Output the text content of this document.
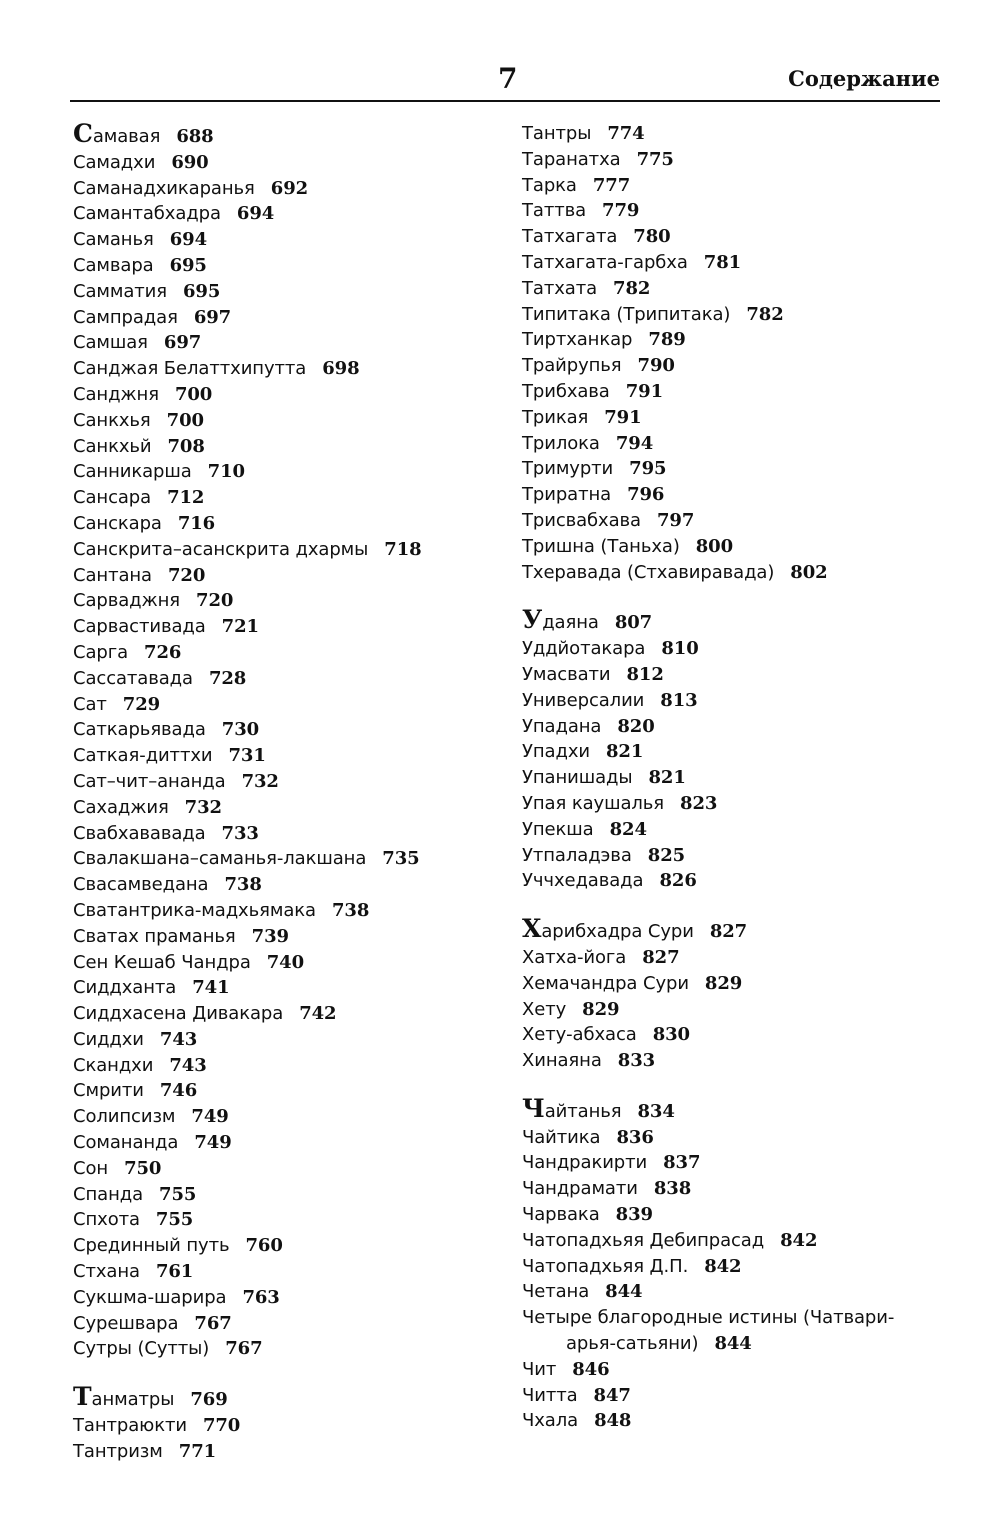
7	Содержание
Самавая 688
Самадхи 690
Саманадхикаранья 692
Самантабхадра 694
Саманья 694
Самвара 695
Самматия 695
Сампрадая 697
Самшая 697
Санджая Белаттхипутта 698
Санджня 700
Санкхья 700
Санкхьй 708
Санникарша 710
Сансара 712
Санскара 716
Санскрита–асанскрита дхармы 718
Сантана 720
Сарваджня 720
Сарвастивада 721
Сарга 726
Сассатавада 728
Сат 729
Саткарьявада 730
Саткая-диттхи 731
Сат–чит–ананда 732
Сахаджия 732
Свабхававада 733
Свалакшана–саманья-лакшана 735
Свасамведана 738
Сватантрика-мадхьямака 738
Сватах праманья 739
Сен Кешаб Чандра 740
Сиддханта 741
Сиддхасена Дивакара 742
Сиддхи 743
Скандхи 743
Смрити 746
Солипсизм 749
Сомананда 749
Сон 750
Спанда 755
Спхота 755
Срединный путь 760
Стхана 761
Сукшма-шарира 763
Сурешвара 767
Сутры (Сутты) 767
Танматры 769
Тантраюкти 770
Тантризм 771
Тантры 774
Таранатха 775
Тарка 777
Таттва 779
Татхагата 780
Татхагата-гарбха 781
Татхата 782
Типитака (Трипитака) 782
Тиртханкар 789
Трайрупья 790
Трибхава 791
Трикая 791
Трилока 794
Тримурти 795
Триратна 796
Трисвабхава 797
Тришна (Таньха) 800
Тхеравада (Стхавиравада) 802
Удаяна 807
Уддйотакара 810
Умасвати 812
Универсалии 813
Упадана 820
Упадхи 821
Упанишады 821
Упая каушалья 823
Упекша 824
Утпаладэва 825
Уччхедавада 826
Харибхадра Сури 827
Хатха-йога 827
Хемачандра Сури 829
Хету 829
Хету-абхаса 830
Хинаяна 833
Чайтанья 834
Чайтика 836
Чандракирти 837
Чандрамати 838
Чарвака 839
Чатопадхьяя Дебипрасад 842
Чатопадхьяя Д.П. 842
Четана 844
Четыре благородные истины (Чатвари-
арья-сатьяни) 844
Чит 846
Читта 847
Чхала 848
